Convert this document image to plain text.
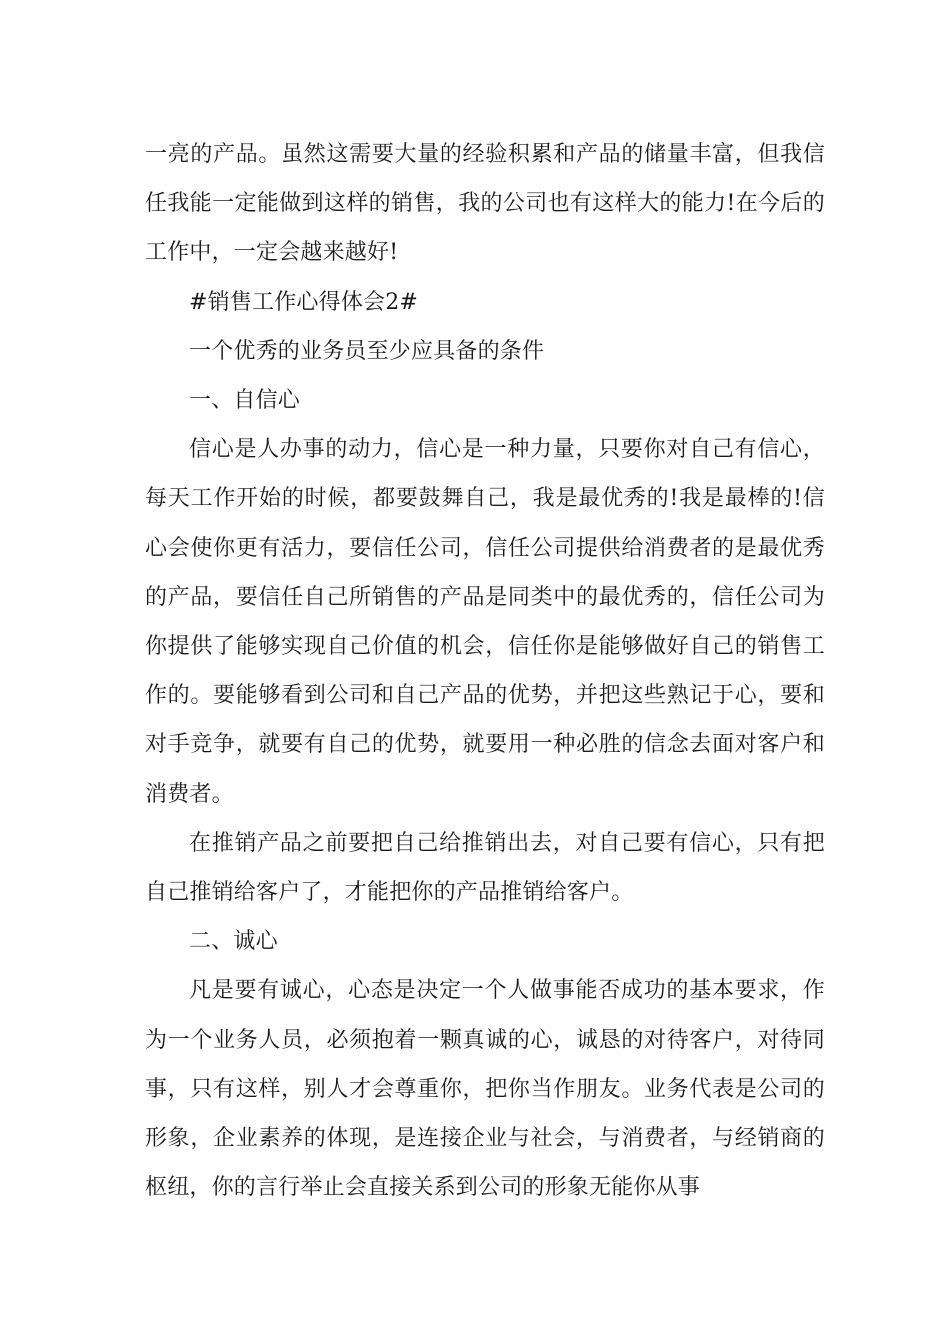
一亮的产品。虽然这需要大量的经验积累和产品的储量丰富，但我信任我能一定能做到这样的销售，我的公司也有这样大的能力!在今后的工作中，一定会越来越好!

#销售工作心得体会2#

一个优秀的业务员至少应具备的条件

一、自信心

信心是人办事的动力，信心是一种力量，只要你对自己有信心，每天工作开始的时候，都要鼓舞自己，我是最优秀的!我是最棒的!信心会使你更有活力，要信任公司，信任公司提供给消费者的是最优秀的产品，要信任自己所销售的产品是同类中的最优秀的，信任公司为你提供了能够实现自己价值的机会，信任你是能够做好自己的销售工作的。要能够看到公司和自己产品的优势，并把这些熟记于心，要和对手竞争，就要有自己的优势，就要用一种必胜的信念去面对客户和消费者。

在推销产品之前要把自己给推销出去，对自己要有信心，只有把自己推销给客户了，才能把你的产品推销给客户。

二、诚心

凡是要有诚心，心态是决定一个人做事能否成功的基本要求，作为一个业务人员，必须抱着一颗真诚的心，诚恳的对待客户，对待同事，只有这样，别人才会尊重你，把你当作朋友。业务代表是公司的形象，企业素养的体现，是连接企业与社会，与消费者，与经销商的枢纽，你的言行举止会直接关系到公司的形象无能你从事
